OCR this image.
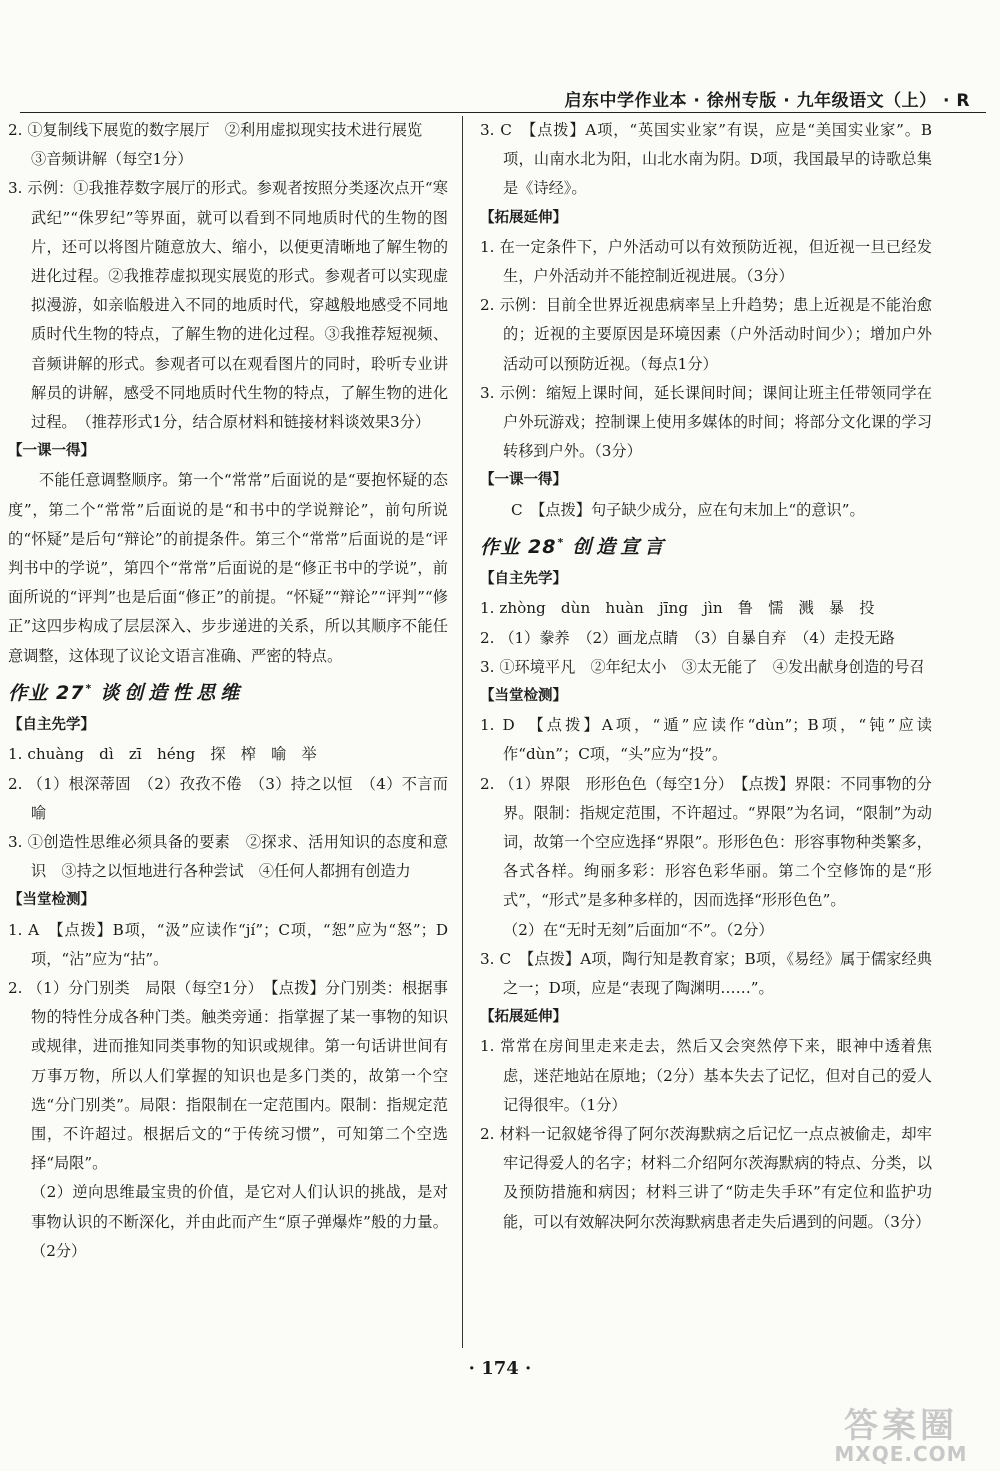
启东中学作业本 · 徐州专版 · 九年级语文（上） · R

2. ①复制线下展览的数字展厅　②利用虚拟现实技术进行展览

③音频讲解（每空1分）

3. 示例：①我推荐数字展厅的形式。参观者按照分类逐次点开“寒武纪”“侏罗纪”等界面，就可以看到不同地质时代的生物的图片，还可以将图片随意放大、缩小，以便更清晰地了解生物的进化过程。②我推荐虚拟现实展览的形式。参观者可以实现虚拟漫游，如亲临般进入不同的地质时代，穿越般地感受不同地质时代生物的特点，了解生物的进化过程。③我推荐短视频、音频讲解的形式。参观者可以在观看图片的同时，聆听专业讲解员的讲解，感受不同地质时代生物的特点，了解生物的进化过程。　（推荐形式1分，结合原材料和链接材料谈效果3分）

【一课一得】

不能任意调整顺序。第一个“常常”后面说的是“要抱怀疑的态度”，第二个“常常”后面说的是“和书中的学说辩论”，前句所说的“怀疑”是后句“辩论”的前提条件。第三个“常常”后面说的是“评判书中的学说”，第四个“常常”后面说的是“修正书中的学说”，前面所说的“评判”也是后面“修正”的前提。“怀疑”“辩论”“评判”“修正”这四步构成了层层深入、步步递进的关系，所以其顺序不能任意调整，这体现了议论文语言准确、严密的特点。

作业 27* 谈创造性思维

【自主先学】

1. chuàng　dì　zī　héng　探　榨　喻　举

2. （1）根深蒂固　（2）孜孜不倦　（3）持之以恒　（4）不言而喻

3. ①创造性思维必须具备的要素　②探求、活用知识的态度和意识　③持之以恒地进行各种尝试　④任何人都拥有创造力

【当堂检测】

1. A　【点拨】B项，“汲”应读作“jí”；C项，“恕”应为“怒”；D项，“沾”应为“拈”。

2. （1）分门别类　局限（每空1分）　【点拨】分门别类：根据事物的特性分成各种门类。触类旁通：指掌握了某一事物的知识或规律，进而推知同类事物的知识或规律。第一句话讲世间有万事万物，所以人们掌握的知识也是多门类的，故第一个空选“分门别类”。局限：指限制在一定范围内。限制：指规定范围，不许超过。根据后文的“于传统习惯”，可知第二个空选择“局限”。

（2）逆向思维最宝贵的价值，是它对人们认识的挑战，是对事物认识的不断深化，并由此而产生“原子弹爆炸”般的力量。（2分）

3. C　【点拨】A项，“英国实业家”有误，应是“美国实业家”。B项，山南水北为阳，山北水南为阴。D项，我国最早的诗歌总集是《诗经》。

【拓展延伸】

1. 在一定条件下，户外活动可以有效预防近视，但近视一旦已经发生，户外活动并不能控制近视进展。（3分）

2. 示例：目前全世界近视患病率呈上升趋势；患上近视是不能治愈的；近视的主要原因是环境因素（户外活动时间少）；增加户外活动可以预防近视。（每点1分）

3. 示例：缩短上课时间，延长课间时间；课间让班主任带领同学在户外玩游戏；控制课上使用多媒体的时间；将部分文化课的学习转移到户外。（3分）

【一课一得】

C　【点拨】句子缺少成分，应在句末加上“的意识”。

作业 28* 创造宣言

【自主先学】

1. zhòng　dùn　huàn　jīng　jìn　鲁　懦　溅　暴　投

2. （1）豢养　（2）画龙点睛　（3）自暴自弃　（4）走投无路

3. ①环境平凡　②年纪太小　③太无能了　④发出献身创造的号召

【当堂检测】

1. D　【点拨】A项，“遁”应读作“dùn”；B项，“钝”应读作“dùn”；C项，“头”应为“投”。

2. （1）界限　形形色色（每空1分）　【点拨】界限：不同事物的分界。限制：指规定范围，不许超过。“界限”为名词，“限制”为动词，故第一个空应选择“界限”。形形色色：形容事物种类繁多，各式各样。绚丽多彩：形容色彩华丽。第二个空修饰的是“形式”，“形式”是多种多样的，因而选择“形形色色”。

（2）在“无时无刻”后面加“不”。（2分）

3. C　【点拨】A项，陶行知是教育家；B项，《易经》属于儒家经典之一；D项，应是“表现了陶渊明……”。

【拓展延伸】

1. 常常在房间里走来走去，然后又会突然停下来，眼神中透着焦虑，迷茫地站在原地；（2分）基本失去了记忆，但对自己的爱人记得很牢。（1分）

2. 材料一记叙姥爷得了阿尔茨海默病之后记忆一点点被偷走，却牢牢记得爱人的名字；材料二介绍阿尔茨海默病的特点、分类，以及预防措施和病因；材料三讲了“防走失手环”有定位和监护功能，可以有效解决阿尔茨海默病患者走失后遇到的问题。（3分）

· 174 ·
答案圈
MXQE.COM
